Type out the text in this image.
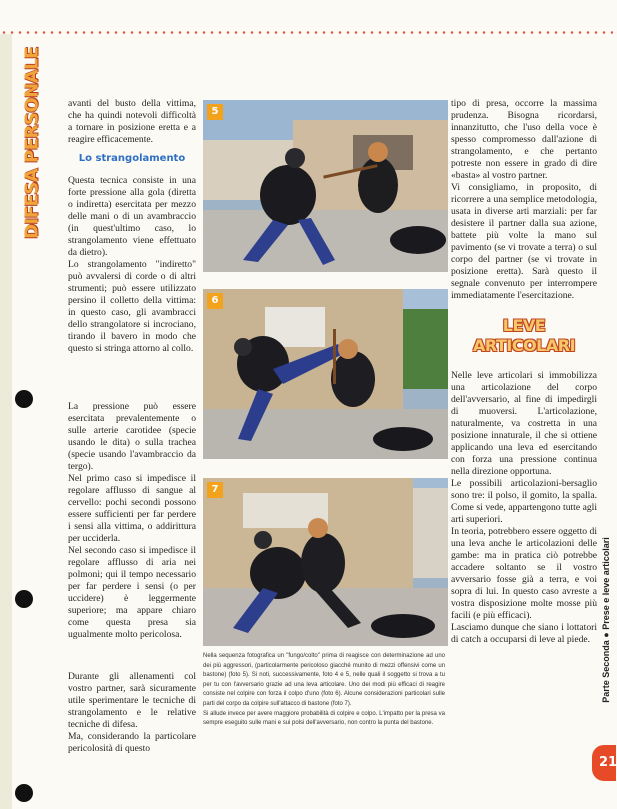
DIFESA PERSONALE	avanti del busto della vittima, che ha quindi notevoli difficoltà a tornare in posizione eretta e a reagire efficacemente.

Lo strangolamento

Questa tecnica consiste in una forte pressione alla gola (diretta o indiretta) esercitata per mezzo delle mani o di un avambraccio (in quest'ultimo caso, lo strangolamento viene effettuato da dietro).

Lo strangolamento "indiretto" può avvalersi di corde o di altri strumenti; può essere utilizzato persino il colletto della vittima: in questo caso, gli avambracci dello strangolatore si incrociano, tirando il bavero in modo che questo si stringa attorno al collo.

La pressione può essere esercitata prevalentemente o sulle arterie carotidee (specie usando le dita) o sulla trachea (specie usando l'avambraccio da tergo).

Nel primo caso si impedisce il regolare afflusso di sangue al cervello: pochi secondi possono essere sufficienti per far perdere i sensi alla vittima, o addirittura per ucciderla.

Nel secondo caso si impedisce il regolare afflusso di aria nei polmoni; qui il tempo necessario per far perdere i sensi (o per uccidere) è leggermente superiore; ma appare chiaro come questa presa sia ugualmente molto pericolosa.

Durante gli allenamenti col vostro partner, sarà sicuramente utile sperimentare le tecniche di strangolamento e le relative tecniche di difesa.

Ma, considerando la particolare pericolosità di questo

5
6
7

Nella sequenza fotografica un "fungo/colto" prima di reagisce con determinazione ad uno dei più aggressori, (particolarmente pericoloso giacché munito di mezzi offensivi come un bastone) (foto 5). Si noti, successivamente, foto 4 e 5, nelle quali il soggetto si trova a tu per tu con l'avversario grazie ad una leva articolare. Uno dei modi più efficaci di reagire consiste nel colpire con forza il colpo d'uno (foto 6). Alcune considerazioni particolari sulle parti del corpo da colpire sull'attacco di bastone (foto 7).

Si allude invece per avere maggiore probabilità di colpire e colpo. L'impatto per la presa va sempre eseguito sulle mani e sui polsi dell'avversario, non contro la punta del bastone.

tipo di presa, occorre la massima prudenza. Bisogna ricordarsi, innanzitutto, che l'uso della voce è spesso compromesso dall'azione di strangolamento, e che pertanto potreste non essere in grado di dire «basta» al vostro partner.

Vi consigliamo, in proposito, di ricorrere a una semplice metodologia, usata in diverse arti marziali: per far desistere il partner dalla sua azione, battete più volte la mano sul pavimento (se vi trovate a terra) o sul corpo del partner (se vi trovate in posizione eretta). Sarà questo il segnale convenuto per interrompere immediatamente l'esercitazione.

LEVE
ARTICOLARI

Nelle leve articolari si immobilizza una articolazione del corpo dell'avversario, al fine di impedirgli di muoversi. L'articolazione, naturalmente, va costretta in una posizione innaturale, il che si ottiene applicando una leva ed esercitando con forza una pressione continua nella direzione opportuna.

Le possibili articolazioni-bersaglio sono tre: il polso, il gomito, la spalla. Come si vede, appartengono tutte agli arti superiori.

In teoria, potrebbero essere oggetto di una leva anche le articolazioni delle gambe: ma in pratica ciò potrebbe accadere soltanto se il vostro avversario fosse già a terra, e voi sopra di lui. In questo caso avreste a vostra disposizione molte mosse più facili (e più efficaci).

Lasciamo dunque che siano i lottatori di catch a occuparsi di leve al piede.	Parte Seconda ● Prese e leve articolari
21
